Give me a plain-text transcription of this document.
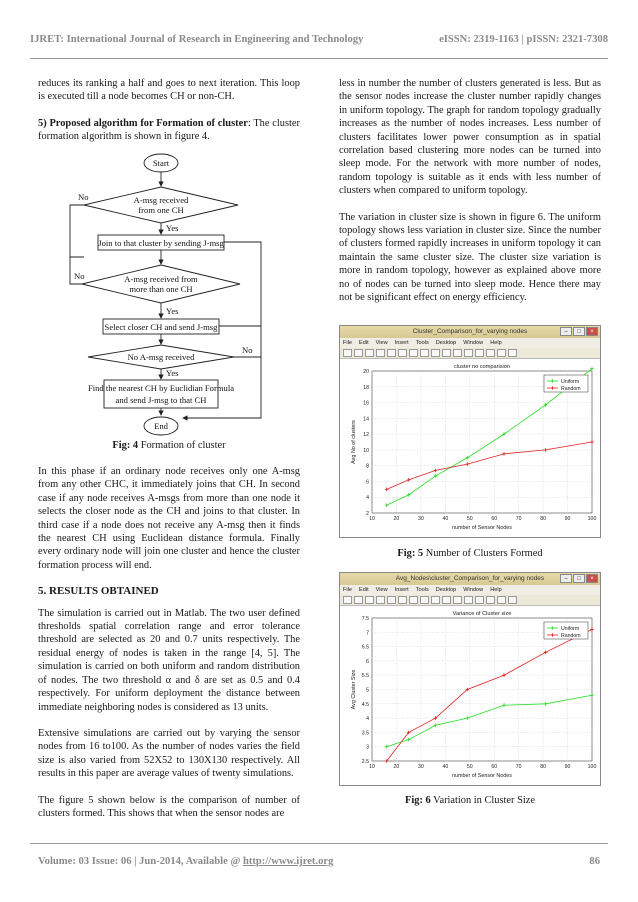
IJRET: International Journal of Research in Engineering and Technology	eISSN: 2319-1163 | pISSN: 2321-7308

reduces its ranking a half and goes to next iteration. This loop is executed till a node becomes CH or non-CH.

5) Proposed algorithm for Formation of cluster: The cluster formation algorithm is shown in figure 4.

Start
A-msg received
from one CH
No
Yes
Join to that cluster by sending J-msg
A-msg received from
more than one CH
No
Yes
Select closer CH and send J-msg
No A-msg received
No
Yes
Find the nearest CH by Euclidian Formula
and send J-msg to that CH
End
Fig: 4 Formation of cluster

In this phase if an ordinary node receives only one A-msg from any other CHC, it immediately joins that CH. In second case if any node receives A-msgs from more than one node it selects the closer node as the CH and joins to that cluster. In third case if a node does not receive any A-msg then it finds the nearest CH using Euclidean distance formula. Finally every ordinary node will join one cluster and hence the cluster formation process will end.

5. RESULTS OBTAINED

The simulation is carried out in Matlab. The two user defined thresholds spatial correlation range and error tolerance threshold are selected as 20 and 0.7 units respectively. The residual energy of nodes is taken in the range [4, 5]. The simulation is carried on both uniform and random distribution of nodes. The two threshold α and δ are set as 0.5 and 0.4 respectively. For uniform deployment the distance between immediate neighboring nodes is considered as 13 units.

Extensive simulations are carried out by varying the sensor nodes from 16 to100. As the number of nodes varies the field size is also varied from 52X52 to 130X130 respectively. All results in this paper are average values of twenty simulations.

The figure 5 shown below is the comparison of number of clusters formed. This shows that when the sensor nodes are

less in number the number of clusters generated is less. But as the sensor nodes increase the cluster number rapidly changes in uniform topology. The graph for random topology gradually increases as the number of nodes increases. Less number of clusters facilitates lower power consumption as in spatial correlation based clustering more nodes can be turned into sleep mode. For the network with more number of nodes, random topology is suitable as it ends with less number of clusters when compared to uniform topology.

The variation in cluster size is shown in figure 6. The uniform topology shows less variation in cluster size. Since the number of clusters formed rapidly increases in uniform topology it can maintain the same cluster size. The cluster size variation is more in random topology, however as explained above more no of nodes can be turned into sleep mode. Hence there may not be significant effect on energy efficiency.

Cluster_Comparison_for_varying nodes	–	□	×
File Edit View Insert Tools Desktop Window Help
10	20	30	40	50	60	70	80	90	100
2
4
6
8
10
12
14
16
18
20
cluster no comparision
number of Sensor Nodes
Avg No of clusters
Uniform
Random
Fig: 5 Number of Clusters Formed
Avg_Nodes\cluster_Comparison_for_varying nodes	–	□	×
File Edit View Insert Tools Desktop Window Help
10	20	30	40	50	60	70	80	90	100
2.5
3
3.5
4
4.5
5
5.5
6
6.5
7
7.5
Variance of Cluster size
number of Sensor Nodes
Avg Cluster Size
Uniform
Random
Fig: 6 Variation in Cluster Size
Volume: 03 Issue: 06 | Jun-2014, Available @ http://www.ijret.org	86
